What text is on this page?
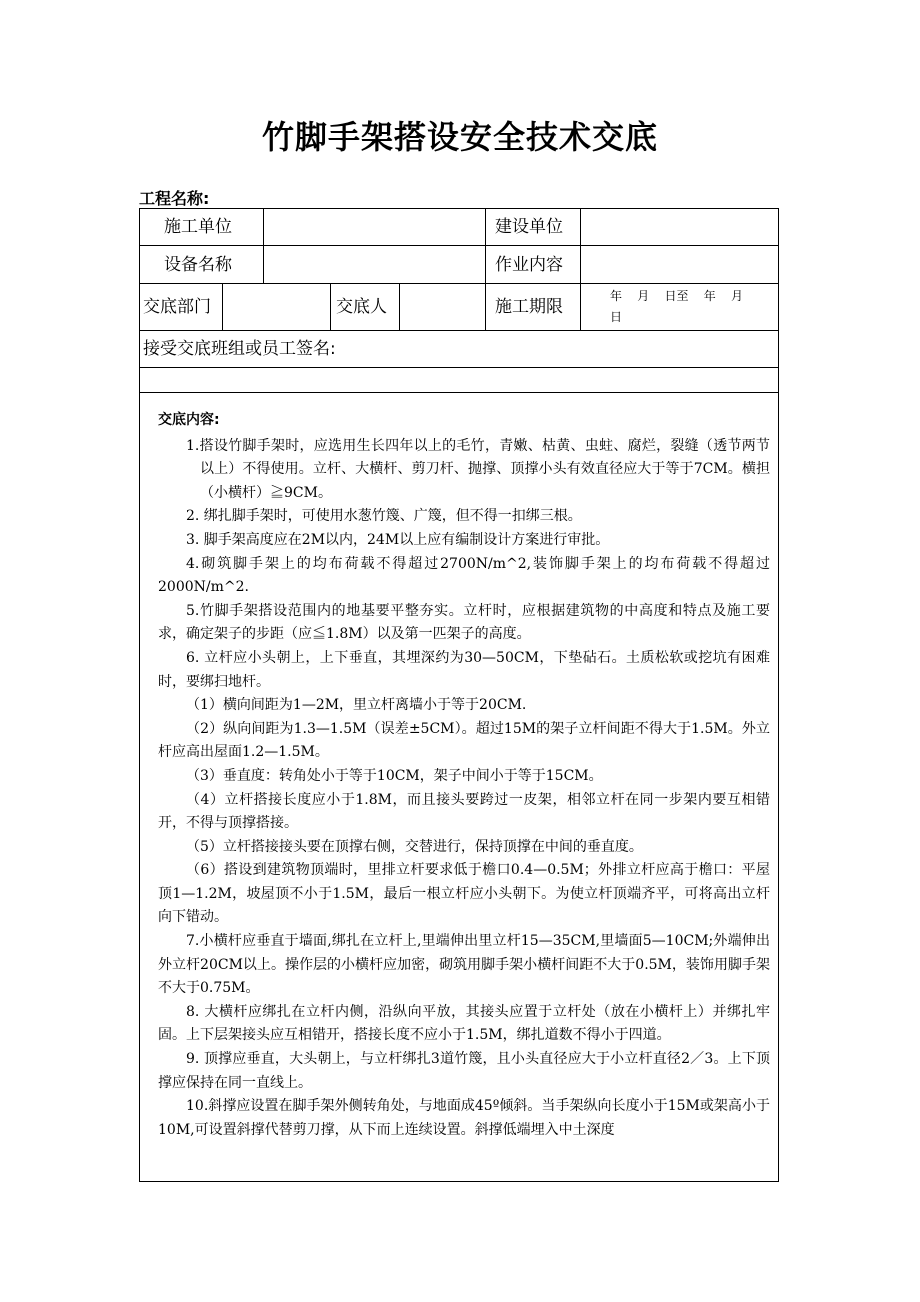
竹脚手架搭设安全技术交底
工程名称:
施工单位	建设单位
设备名称	作业内容
交底部门	交底人	施工期限
年    月    日至    年    月
日
接受交底班组或员工签名:
交底内容:

1.搭设竹脚手架时，应选用生长四年以上的毛竹，青嫩、枯黄、虫蛀、腐烂，裂缝（透节两节以上）不得使用。立杆、大横杆、剪刀杆、抛撑、顶撑小头有效直径应大于等于7CM。横担（小横杆）≧9CM。

2. 绑扎脚手架时，可使用水葱竹篾、广篾，但不得一扣绑三根。

3. 脚手架高度应在2M以内，24M以上应有编制设计方案进行审批。

4.砌筑脚手架上的均布荷载不得超过2700N/m^2,装饰脚手架上的均布荷载不得超过2000N/m^2.

5.竹脚手架搭设范围内的地基要平整夯实。立杆时，应根据建筑物的中高度和特点及施工要求，确定架子的步距（应≦1.8M）以及第一匹架子的高度。

6. 立杆应小头朝上，上下垂直，其埋深约为30—50CM，下垫砧石。土质松软或挖坑有困难时，要绑扫地杆。

（1）横向间距为1—2M，里立杆离墙小于等于20CM.

（2）纵向间距为1.3—1.5M（误差±5CM）。超过15M的架子立杆间距不得大于1.5M。外立杆应高出屋面1.2—1.5M。

（3）垂直度：转角处小于等于10CM，架子中间小于等于15CM。

（4）立杆搭接长度应小于1.8M，而且接头要跨过一皮架，相邻立杆在同一步架内要互相错开，不得与顶撑搭接。

（5）立杆搭接接头要在顶撑右侧，交替进行，保持顶撑在中间的垂直度。

（6）搭设到建筑物顶端时，里排立杆要求低于檐口0.4—0.5M；外排立杆应高于檐口：平屋顶1—1.2M，坡屋顶不小于1.5M，最后一根立杆应小头朝下。为使立杆顶端齐平，可将高出立杆向下错动。

7.小横杆应垂直于墙面,绑扎在立杆上,里端伸出里立杆15—35CM,里墙面5—10CM;外端伸出外立杆20CM以上。操作层的小横杆应加密，砌筑用脚手架小横杆间距不大于0.5M，装饰用脚手架不大于0.75M。

8. 大横杆应绑扎在立杆内侧，沿纵向平放，其接头应置于立杆处（放在小横杆上）并绑扎牢固。上下层架接头应互相错开，搭接长度不应小于1.5M，绑扎道数不得小于四道。

9. 顶撑应垂直，大头朝上，与立杆绑扎3道竹篾，且小头直径应大于小立杆直径2／3。上下顶撑应保持在同一直线上。

10.斜撑应设置在脚手架外侧转角处，与地面成45º倾斜。当手架纵向长度小于15M或架高小于10M,可设置斜撑代替剪刀撑，从下而上连续设置。斜撑低端埋入中土深度
